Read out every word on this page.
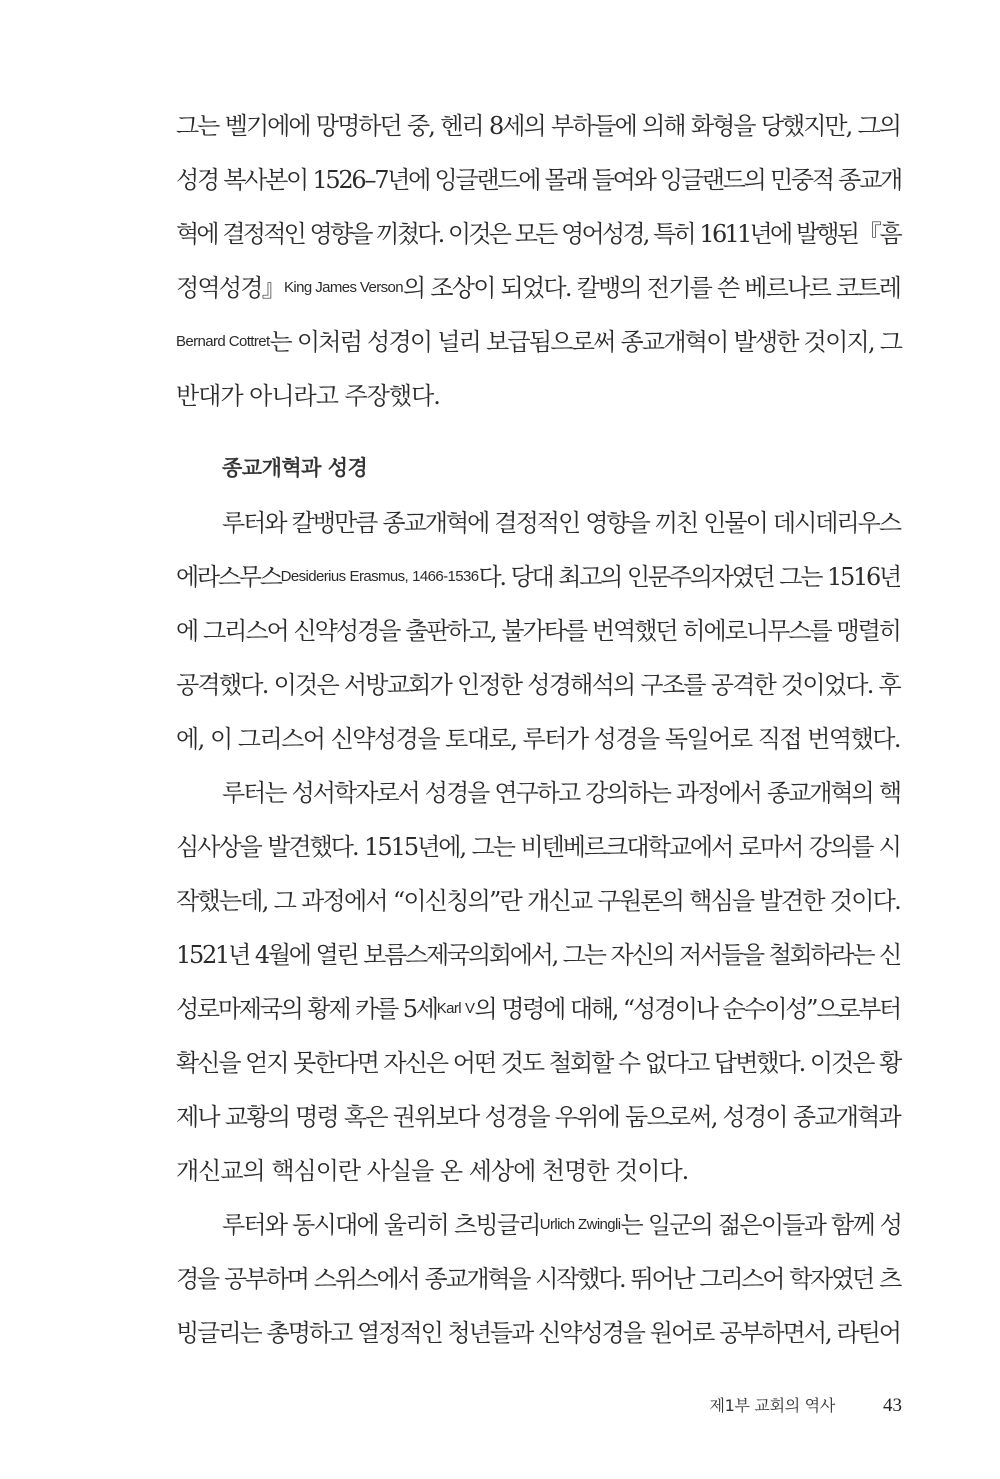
그는 벨기에에 망명하던 중, 헨리 8세의 부하들에 의해 화형을 당했지만, 그의
성경 복사본이 1526–7년에 잉글랜드에 몰래 들여와 잉글랜드의 민중적 종교개
혁에 결정적인 영향을 끼쳤다. 이것은 모든 영어성경, 특히 1611년에 발행된『흠
정역성경』King James Verson의 조상이 되었다. 칼뱅의 전기를 쓴 베르나르 코트레
Bernard Cottret는 이처럼 성경이 널리 보급됨으로써 종교개혁이 발생한 것이지, 그
반대가 아니라고 주장했다.
종교개혁과 성경
루터와 칼뱅만큼 종교개혁에 결정적인 영향을 끼친 인물이 데시데리우스
에라스무스Desiderius Erasmus, 1466-1536다. 당대 최고의 인문주의자였던 그는 1516년
에 그리스어 신약성경을 출판하고, 불가타를 번역했던 히에로니무스를 맹렬히
공격했다. 이것은 서방교회가 인정한 성경해석의 구조를 공격한 것이었다. 후
에, 이 그리스어 신약성경을 토대로, 루터가 성경을 독일어로 직접 번역했다.
루터는 성서학자로서 성경을 연구하고 강의하는 과정에서 종교개혁의 핵
심사상을 발견했다. 1515년에, 그는 비텐베르크대학교에서 로마서 강의를 시
작했는데, 그 과정에서 “이신칭의”란 개신교 구원론의 핵심을 발견한 것이다.
1521년 4월에 열린 보름스제국의회에서, 그는 자신의 저서들을 철회하라는 신
성로마제국의 황제 카를 5세Karl V의 명령에 대해, “성경이나 순수이성”으로부터
확신을 얻지 못한다면 자신은 어떤 것도 철회할 수 없다고 답변했다. 이것은 황
제나 교황의 명령 혹은 권위보다 성경을 우위에 둠으로써, 성경이 종교개혁과
개신교의 핵심이란 사실을 온 세상에 천명한 것이다.
루터와 동시대에 울리히 츠빙글리Urlich Zwingli는 일군의 젊은이들과 함께 성
경을 공부하며 스위스에서 종교개혁을 시작했다. 뛰어난 그리스어 학자였던 츠
빙글리는 총명하고 열정적인 청년들과 신약성경을 원어로 공부하면서, 라틴어
제1부 교회의 역사	43
